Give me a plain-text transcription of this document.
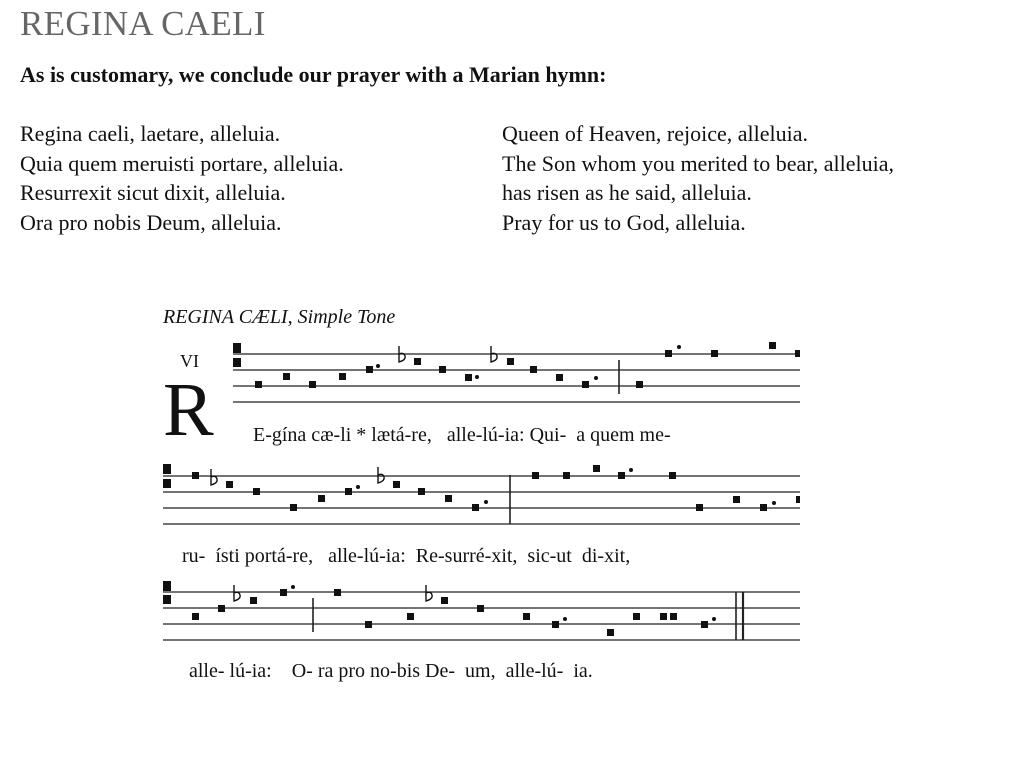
REGINA CAELI

As is customary, we conclude our prayer with a Marian hymn:

Regina caeli, laetare, alleluia.
Quia quem meruisti portare, alleluia.
Resurrexit sicut dixit, alleluia.
Ora pro nobis Deum, alleluia.
Queen of Heaven, rejoice, alleluia.
The Son whom you merited to bear, alleluia,
has risen as he said, alleluia.
Pray for us to God, alleluia.
REGINA CÆLI, Simple Tone
VI
R E-gína cæ-li * lætá-re,   alle-lú-ia: Qui-  a quem me-
ru-  ísti portá-re,   alle-lú-ia:  Re-surré-xit,  sic-ut  di-xit,
alle- lú-ia:    O- ra pro no-bis De-  um,  alle-lú-  ia.
